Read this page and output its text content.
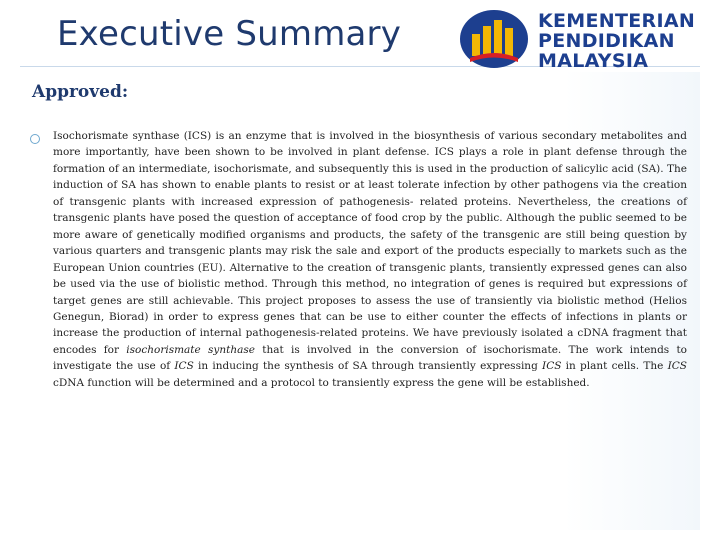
Executive Summary	KEMENTERIAN
PENDIDIKAN
MALAYSIA
Approved:
Isochorismate synthase (ICS) is an enzyme that is involved in the biosynthesis of various secondary metabolites and more importantly, have been shown to be involved in plant defense. ICS plays a role in plant defense through the formation of an intermediate, isochorismate, and subsequently this is used in the production of salicylic acid (SA). The induction of SA has shown to enable plants to resist or at least tolerate infection by other pathogens via the creation of transgenic plants with increased expression of pathogenesis- related proteins. Nevertheless, the creations of transgenic plants have posed the question of acceptance of food crop by the public. Although the public seemed to be more aware of genetically modified organisms and products, the safety of the transgenic are still being question by various quarters and transgenic plants may risk the sale and export of the products especially to markets such as the European Union countries (EU). Alternative to the creation of transgenic plants, transiently expressed genes can also be used via the use of biolistic method. Through this method, no integration of genes is required but expressions of target genes are still achievable. This project proposes to assess the use of transiently via biolistic method (Helios Genegun, Biorad) in order to express genes that can be use to either counter the effects of infections in plants or increase the production of internal pathogenesis-related proteins. We have previously isolated a cDNA fragment that encodes for isochorismate synthase that is involved in the conversion of isochorismate. The work intends to investigate the use of ICS in inducing the synthesis of SA through transiently expressing ICS in plant cells. The ICS cDNA function will be determined and a protocol to transiently express the gene will be established.
